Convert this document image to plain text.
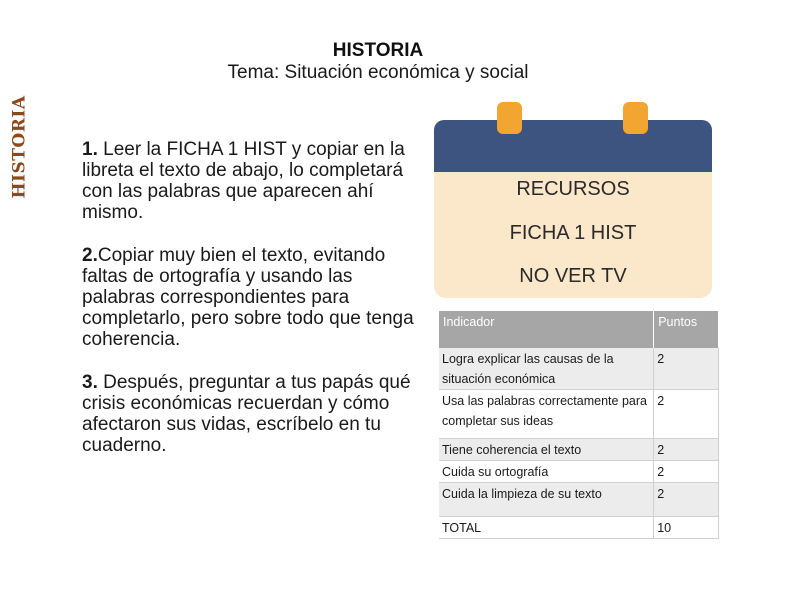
HISTORIA
HISTORIA
Tema: Situación económica y social

1. Leer la FICHA 1 HIST y copiar en la libreta el texto de abajo, lo completará con las palabras que aparecen ahí mismo.

2.Copiar muy bien el texto, evitando faltas de ortografía y usando las palabras correspondientes para completarlo, pero sobre todo que tenga coherencia.

3. Después, preguntar a tus papás qué crisis económicas recuerdan y cómo afectaron sus vidas, escríbelo en tu cuaderno.

RECURSOS
FICHA 1 HIST
NO VER TV
Indicador	Puntos
Logra explicar las causas de la situación económica	2
Usa las palabras correctamente para completar sus ideas	2
Tiene coherencia el texto	2
Cuida su ortografía	2
Cuida la limpieza de su texto	2
TOTAL	10
